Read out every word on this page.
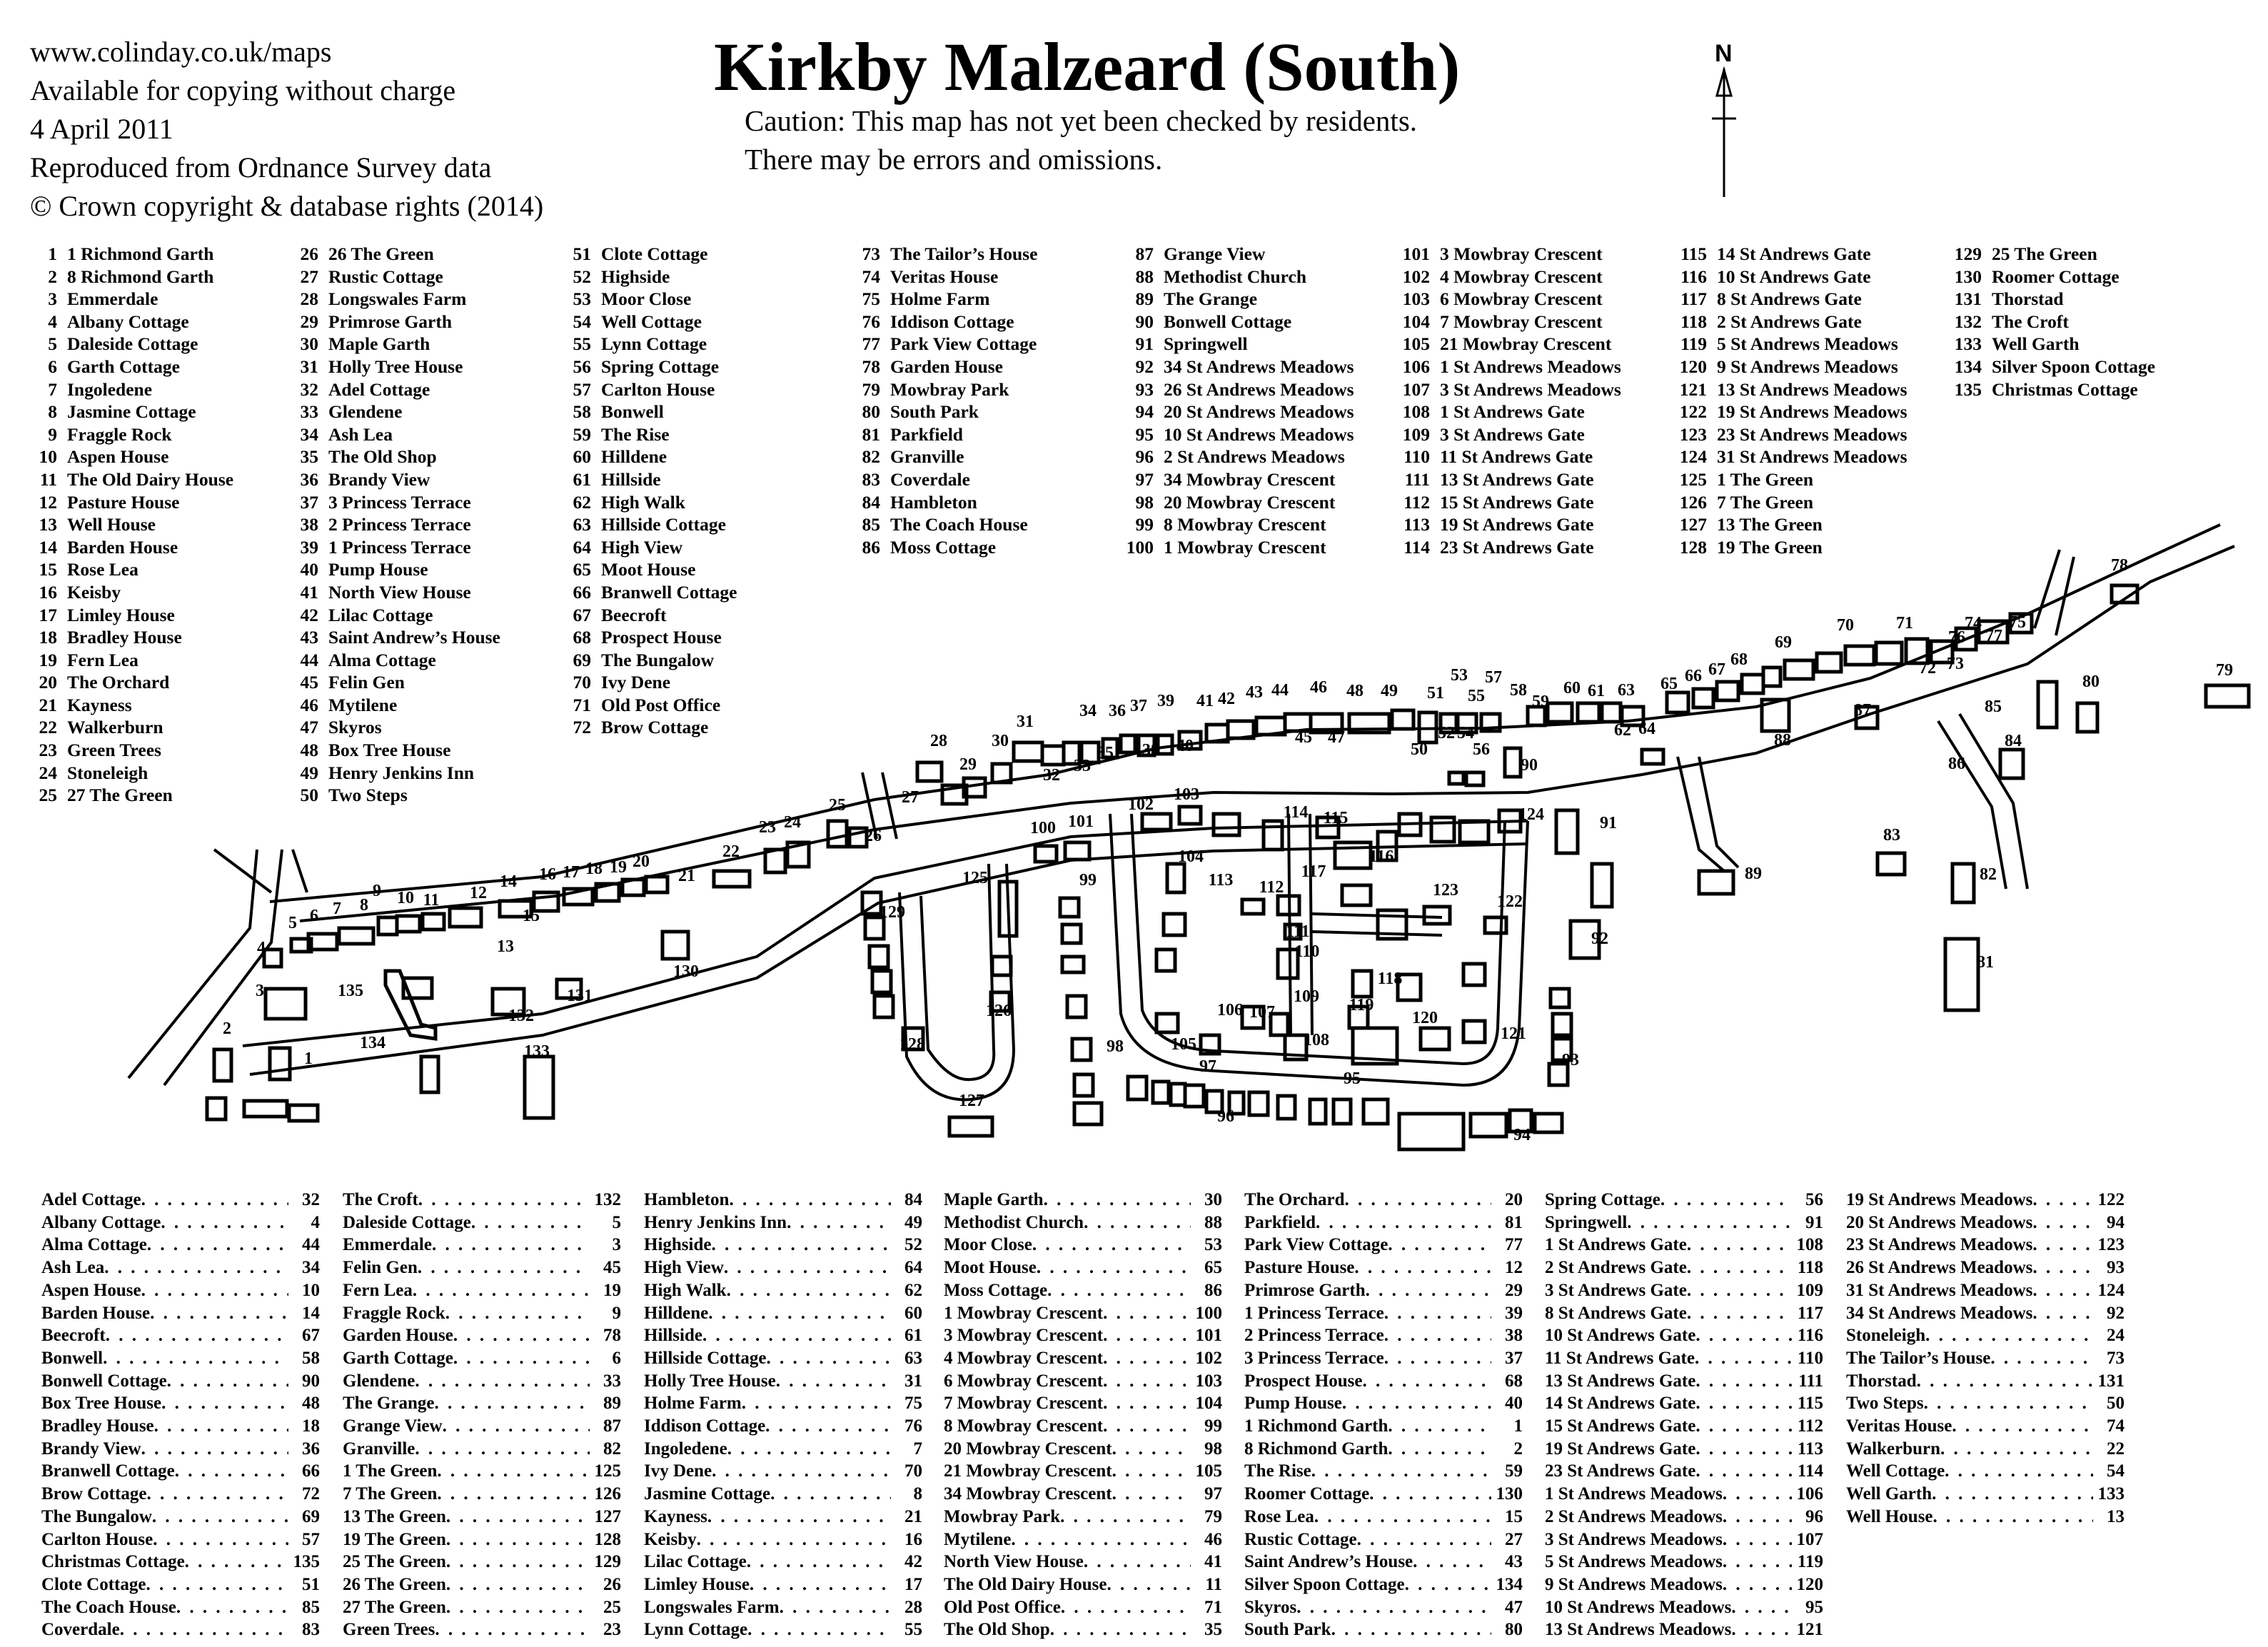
www.colinday.co.uk/maps
Available for copying without charge
4 April 2011
Reproduced from Ordnance Survey data
© Crown copyright & database rights (2014)
Kirkby Malzeard (South)
Caution: This map has not yet been checked by residents.
There may be errors and omissions.
N
1 1 Richmond Garth
2 8 Richmond Garth
3 Emmerdale
4 Albany Cottage
5 Daleside Cottage
6 Garth Cottage
7 Ingoledene
8 Jasmine Cottage
9 Fraggle Rock
10 Aspen House
11 The Old Dairy House
12 Pasture House
13 Well House
14 Barden House
15 Rose Lea
16 Keisby
17 Limley House
18 Bradley House
19 Fern Lea
20 The Orchard
21 Kayness
22 Walkerburn
23 Green Trees
24 Stoneleigh
25 27 The Green
26 26 The Green
27 Rustic Cottage
28 Longswales Farm
29 Primrose Garth
30 Maple Garth
31 Holly Tree House
32 Adel Cottage
33 Glendene
34 Ash Lea
35 The Old Shop
36 Brandy View
37 3 Princess Terrace
38 2 Princess Terrace
39 1 Princess Terrace
40 Pump House
41 North View House
42 Lilac Cottage
43 Saint Andrew’s House
44 Alma Cottage
45 Felin Gen
46 Mytilene
47 Skyros
48 Box Tree House
49 Henry Jenkins Inn
50 Two Steps
51 Clote Cottage
52 Highside
53 Moor Close
54 Well Cottage
55 Lynn Cottage
56 Spring Cottage
57 Carlton House
58 Bonwell
59 The Rise
60 Hilldene
61 Hillside
62 High Walk
63 Hillside Cottage
64 High View
65 Moot House
66 Branwell Cottage
67 Beecroft
68 Prospect House
69 The Bungalow
70 Ivy Dene
71 Old Post Office
72 Brow Cottage
73 The Tailor’s House
74 Veritas House
75 Holme Farm
76 Iddison Cottage
77 Park View Cottage
78 Garden House
79 Mowbray Park
80 South Park
81 Parkfield
82 Granville
83 Coverdale
84 Hambleton
85 The Coach House
86 Moss Cottage
87 Grange View
88 Methodist Church
89 The Grange
90 Bonwell Cottage
91 Springwell
92 34 St Andrews Meadows
93 26 St Andrews Meadows
94 20 St Andrews Meadows
95 10 St Andrews Meadows
96 2 St Andrews Meadows
97 34 Mowbray Crescent
98 20 Mowbray Crescent
99 8 Mowbray Crescent
100 1 Mowbray Crescent
101 3 Mowbray Crescent
102 4 Mowbray Crescent
103 6 Mowbray Crescent
104 7 Mowbray Crescent
105 21 Mowbray Crescent
106 1 St Andrews Meadows
107 3 St Andrews Meadows
108 1 St Andrews Gate
109 3 St Andrews Gate
110 11 St Andrews Gate
111 13 St Andrews Gate
112 15 St Andrews Gate
113 19 St Andrews Gate
114 23 St Andrews Gate
115 14 St Andrews Gate
116 10 St Andrews Gate
117 8 St Andrews Gate
118 2 St Andrews Gate
119 5 St Andrews Meadows
120 9 St Andrews Meadows
121 13 St Andrews Meadows
122 19 St Andrews Meadows
123 23 St Andrews Meadows
124 31 St Andrews Meadows
125 1 The Green
126 7 The Green
127 13 The Green
128 19 The Green
129 25 The Green
130 Roomer Cottage
131 Thorstad
132 The Croft
133 Well Garth
134 Silver Spoon Cottage
135 Christmas Cottage
1
2
3
4
5 6 7 8
9 10 11 12
13
14
15
16 17 18 19 20
21
22
23 24
25
26
27
28
29
30
31
32 33
34
35
36 37
38
39
40
41 42 43 44
45
46
47
48 49
50
51
52
53
54
55
56
57
58
59
60 61
62
63
64
65 66 67
68
69
70 71
72 73
74 75
76 77
78
79
80
81
82
83
84
85
86
87
88
89
90
91
92
93
94
95
96
97
98
99
100 101
102
103
104
105
106 107
108
109
110
111
112
113
114 115
116
117
118
119
120
121
122
123
124
125
126
127
128
129
130
131
132
133
134
135
Adel Cottage . . .	32
Albany Cottage . . .	4
Alma Cottage . . .	44
Ash Lea . . .	34
Aspen House . . .	10
Barden House . . .	14
Beecroft . . .	67
Bonwell . . .	58
Bonwell Cottage . . .	90
Box Tree House . . .	48
Bradley House . . .	18
Brandy View . . .	36
Branwell Cottage . . .	66
Brow Cottage . . .	72
The Bungalow . . .	69
Carlton House . . .	57
Christmas Cottage . . .	135
Clote Cottage . . .	51
The Coach House . . .	85
Coverdale . . .	83
The Croft . . .	132
Daleside Cottage . . .	5
Emmerdale . . .	3
Felin Gen . . .	45
Fern Lea . . .	19
Fraggle Rock . . .	9
Garden House . . .	78
Garth Cottage . . .	6
Glendene . . .	33
The Grange . . .	89
Grange View . . .	87
Granville . . .	82
1 The Green . . .	125
7 The Green . . .	126
13 The Green . . .	127
19 The Green . . .	128
25 The Green . . .	129
26 The Green . . .	26
27 The Green . . .	25
Green Trees . . .	23
Hambleton . . .	84
Henry Jenkins Inn . . .	49
Highside . . .	52
High View . . .	64
High Walk . . .	62
Hilldene . . .	60
Hillside . . .	61
Hillside Cottage . . .	63
Holly Tree House . . .	31
Holme Farm . . .	75
Iddison Cottage . . .	76
Ingoledene . . .	7
Ivy Dene . . .	70
Jasmine Cottage . . .	8
Kayness . . .	21
Keisby . . .	16
Lilac Cottage . . .	42
Limley House . . .	17
Longswales Farm . . .	28
Lynn Cottage . . .	55
Maple Garth . . .	30
Methodist Church . . .	88
Moor Close . . .	53
Moot House . . .	65
Moss Cottage . . .	86
1 Mowbray Crescent . . .	100
3 Mowbray Crescent . . .	101
4 Mowbray Crescent . . .	102
6 Mowbray Crescent . . .	103
7 Mowbray Crescent . . .	104
8 Mowbray Crescent . . .	99
20 Mowbray Crescent . . .	98
21 Mowbray Crescent . . .	105
34 Mowbray Crescent . . .	97
Mowbray Park . . .	79
Mytilene . . .	46
North View House . . .	41
The Old Dairy House . . .	11
Old Post Office . . .	71
The Old Shop . . .	35
The Orchard . . .	20
Parkfield . . .	81
Park View Cottage . . .	77
Pasture House . . .	12
Primrose Garth . . .	29
1 Princess Terrace . . .	39
2 Princess Terrace . . .	38
3 Princess Terrace . . .	37
Prospect House . . .	68
Pump House . . .	40
1 Richmond Garth . . .	1
8 Richmond Garth . . .	2
The Rise . . .	59
Roomer Cottage . . .	130
Rose Lea . . .	15
Rustic Cottage . . .	27
Saint Andrew’s House . . .	43
Silver Spoon Cottage . . .	134
Skyros . . .	47
South Park . . .	80
Spring Cottage . . .	56
Springwell . . .	91
1 St Andrews Gate . . .	108
2 St Andrews Gate . . .	118
3 St Andrews Gate . . .	109
8 St Andrews Gate . . .	117
10 St Andrews Gate . . .	116
11 St Andrews Gate . . .	110
13 St Andrews Gate . . .	111
14 St Andrews Gate . . .	115
15 St Andrews Gate . . .	112
19 St Andrews Gate . . .	113
23 St Andrews Gate . . .	114
1 St Andrews Meadows . . .	106
2 St Andrews Meadows . . .	96
3 St Andrews Meadows . . .	107
5 St Andrews Meadows . . .	119
9 St Andrews Meadows . . .	120
10 St Andrews Meadows . . .	95
13 St Andrews Meadows . . .	121
19 St Andrews Meadows . . .	122
20 St Andrews Meadows . . .	94
23 St Andrews Meadows . . .	123
26 St Andrews Meadows . . .	93
31 St Andrews Meadows . . .	124
34 St Andrews Meadows . . .	92
Stoneleigh . . .	24
The Tailor’s House . . .	73
Thorstad . . .	131
Two Steps . . .	50
Veritas House . . .	74
Walkerburn . . .	22
Well Cottage . . .	54
Well Garth . . .	133
Well House . . .	13
